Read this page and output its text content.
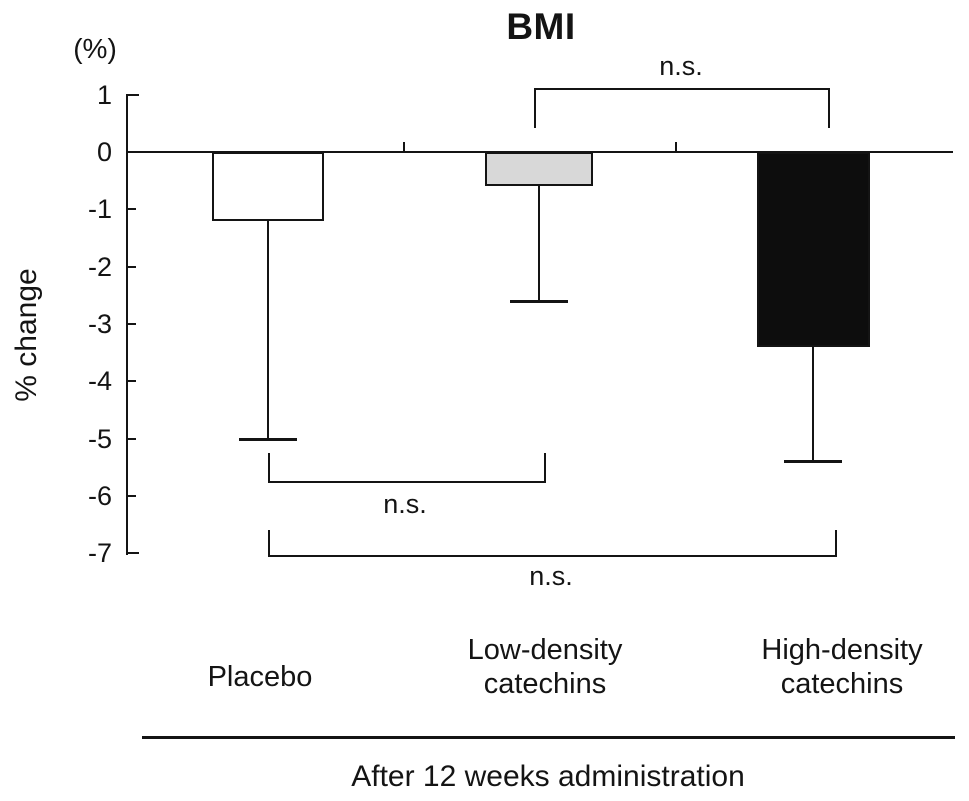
BMI
(%)
% change
1
0
-1
-2
-3
-4
-5
-6
-7
Placebo
Low-density
catechins
High-density
catechins
n.s.
n.s.
n.s.
After 12 weeks administration
